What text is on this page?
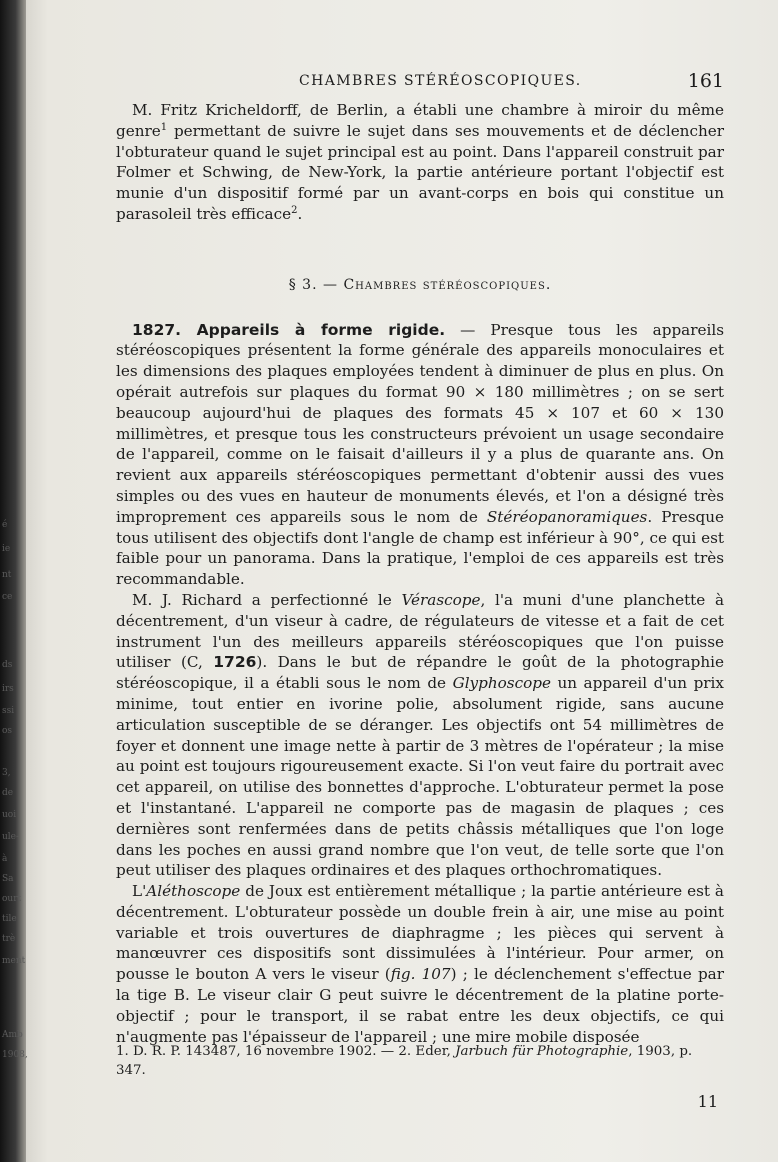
é
ie
nt
ce
ds
irs
ssi
os
3,
de
uoi
ule-
à
Sa
ourt
tile
trè
ment
Amb
1908,
CHAMBRES STÉRÉOSCOPIQUES.	161

M. Fritz Kricheldorff, de Berlin, a établi une chambre à miroir du même genre$^1$ permettant de suivre le sujet dans ses mouvements et de déclencher l'obturateur quand le sujet principal est au point. Dans l'appareil construit par Folmer et Schwing, de New-York, la partie antérieure portant l'objectif est munie d'un dispositif formé par un avant-corps en bois qui constitue un parasoleil très efficace$^2$.

§ 3. — Chambres stéréoscopiques.

1827. Appareils à forme rigide. — Presque tous les appareils stéréoscopiques présentent la forme générale des appareils monoculaires et les dimensions des plaques employées tendent à diminuer de plus en plus. On opérait autrefois sur plaques du format 90 × 180 millimètres ; on se sert beaucoup aujourd'hui de plaques des formats 45 × 107 et 60 × 130 millimètres, et presque tous les constructeurs prévoient un usage secondaire de l'appareil, comme on le faisait d'ailleurs il y a plus de quarante ans. On revient aux appareils stéréoscopiques permettant d'obtenir aussi des vues simples ou des vues en hauteur de monuments élevés, et l'on a désigné très improprement ces appareils sous le nom de Stéréopanoramiques. Presque tous utilisent des objectifs dont l'angle de champ est inférieur à 90°, ce qui est faible pour un panorama. Dans la pratique, l'emploi de ces appareils est très recommandable.

M. J. Richard a perfectionné le Vérascope, l'a muni d'une planchette à décentrement, d'un viseur à cadre, de régulateurs de vitesse et a fait de cet instrument l'un des meilleurs appareils stéréoscopiques que l'on puisse utiliser (C, 1726). Dans le but de répandre le goût de la photographie stéréoscopique, il a établi sous le nom de Glyphoscope un appareil d'un prix minime, tout entier en ivorine polie, absolument rigide, sans aucune articulation susceptible de se déranger. Les objectifs ont 54 millimètres de foyer et donnent une image nette à partir de 3 mètres de l'opérateur ; la mise au point est toujours rigoureusement exacte. Si l'on veut faire du portrait avec cet appareil, on utilise des bonnettes d'approche. L'obturateur permet la pose et l'instantané. L'appareil ne comporte pas de magasin de plaques ; ces dernières sont renfermées dans de petits châssis métalliques que l'on loge dans les poches en aussi grand nombre que l'on veut, de telle sorte que l'on peut utiliser des plaques ordinaires et des plaques orthochromatiques.

L'Aléthoscope de Joux est entièrement métallique ; la partie antérieure est à décentrement. L'obturateur possède un double frein à air, une mise au point variable et trois ouvertures de diaphragme ; les pièces qui servent à manœuvrer ces dispositifs sont dissimulées à l'intérieur. Pour armer, on pousse le bouton A vers le viseur (fig. 107) ; le déclenchement s'effectue par la tige B. Le viseur clair G peut suivre le décentrement de la platine porte-objectif ; pour le transport, il se rabat entre les deux objectifs, ce qui n'augmente pas l'épaisseur de l'appareil ; une mire mobile disposée

1. D. R. P. 143487, 16 novembre 1902. — 2. Eder, Jarbuch für Photographie, 1903, p. 347.
11
